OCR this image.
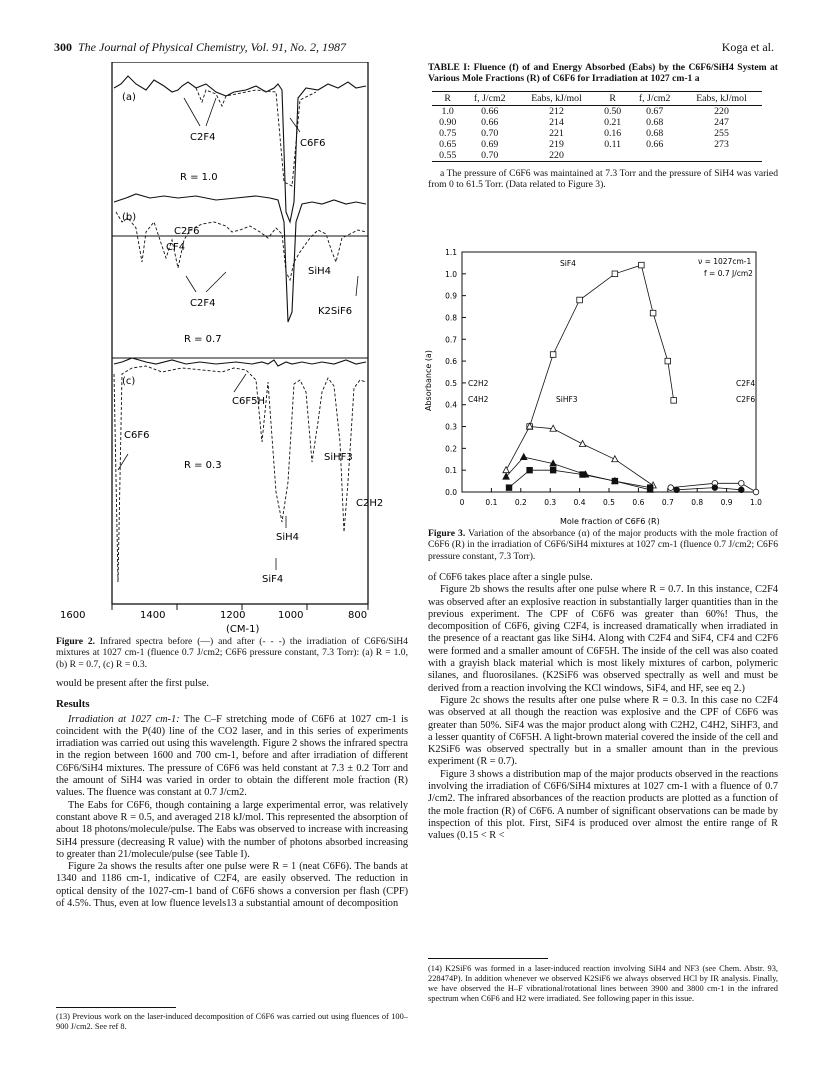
300 The Journal of Physical Chemistry, Vol. 91, No. 2, 1987	Koga et al.
(a)
C2F4
C6F6
R = 1.0
(b)
C2F6
CF4
SiH4
C2F4
K2SiF6
R = 0.7
(c)
C6F5H
C6F6
SiHF3
R = 0.3
C2H2
SiH4
SiF4
1600	1400	1200	1000	800
(CM-1)
Figure 2. Infrared spectra before (—) and after (- - -) the irradiation of C6F6/SiH4 mixtures at 1027 cm-1 (fluence 0.7 J/cm2; C6F6 pressure constant, 7.3 Torr): (a) R = 1.0, (b) R = 0.7, (c) R = 0.3.

would be present after the first pulse.

Results

Irradiation at 1027 cm-1: The C–F stretching mode of C6F6 at 1027 cm-1 is coincident with the P(40) line of the CO2 laser, and in this series of experiments irradiation was carried out using this wavelength. Figure 2 shows the infrared spectra in the region between 1600 and 700 cm-1, before and after irradiation of different C6F6/SiH4 mixtures. The pressure of C6F6 was held constant at 7.3 ± 0.2 Torr and the amount of SiH4 was varied in order to obtain the different mole fraction (R) values. The fluence was constant at 0.7 J/cm2.

The Eabs for C6F6, though containing a large experimental error, was relatively constant above R = 0.5, and averaged 218 kJ/mol. This represented the absorption of about 18 photons/molecule/pulse. The Eabs was observed to increase with increasing SiH4 pressure (decreasing R value) with the number of photons absorbed increasing to greater than 21/molecule/pulse (see Table I).

Figure 2a shows the results after one pulse were R = 1 (neat C6F6). The bands at 1340 and 1186 cm-1, indicative of C2F4, are easily observed. The reduction in optical density of the 1027-cm-1 band of C6F6 shows a conversion per flash (CPF) of 4.5%. Thus, even at low fluence levels13 a substantial amount of decomposition

(13) Previous work on the laser-induced decomposition of C6F6 was carried out using fluences of 100–900 J/cm2. See ref 8.
TABLE I: Fluence (f) of and Energy Absorbed (Eabs) by the C6F6/SiH4 System at Various Mole Fractions (R) of C6F6 for Irradiation at 1027 cm-1 a
R	f, J/cm2	Eabs, kJ/mol	R	f, J/cm2	Eabs, kJ/mol
1.0	0.66	212	0.50	0.67	220
0.90	0.66	214	0.21	0.68	247
0.75	0.70	221	0.16	0.68	255
0.65	0.69	219	0.11	0.66	273
0.55	0.70	220			
a The pressure of C6F6 was maintained at 7.3 Torr and the pressure of SiH4 was varied from 0 to 61.5 Torr. (Data related to Figure 3).
Absorbance (a)
Mole fraction of C6F6 (R)
ν = 1027cm-1
f = 0.7 J/cm2
SiF4
C2H2
C4H2	SiHF3
C2F4
C2F6
0	0.1 0.2 0.3 0.4 0.5 0.6 0.7 0.8 0.9 1.0
0.0
0.1
0.2
0.3
0.4
0.5
0.6
0.7
0.8
0.9
1.0
1.1
Figure 3. Variation of the absorbance (α) of the major products with the mole fraction of C6F6 (R) in the irradiation of C6F6/SiH4 mixtures at 1027 cm-1 (fluence 0.7 J/cm2; C6F6 pressure constant, 7.3 Torr).

of C6F6 takes place after a single pulse.

Figure 2b shows the results after one pulse where R = 0.7. In this instance, C2F4 was observed after an explosive reaction in substantially larger quantities than in the previous experiment. The CPF of C6F6 was greater than 60%! Thus, the decomposition of C6F6, giving C2F4, is increased dramatically when irradiated in the presence of a reactant gas like SiH4. Along with C2F4 and SiF4, CF4 and C2F6 were formed and a smaller amount of C6F5H. The inside of the cell was also coated with a grayish black material which is most likely mixtures of carbon, polymeric silanes, and fluorosilanes. (K2SiF6 was observed spectrally as well and must be derived from a reaction involving the KCl windows, SiF4, and HF, see eq 2.)

Figure 2c shows the results after one pulse where R = 0.3. In this case no C2F4 was observed at all though the reaction was explosive and the CPF of C6F6 was greater than 50%. SiF4 was the major product along with C2H2, C4H2, SiHF3, and a lesser quantity of C6F5H. A light-brown material covered the inside of the cell and K2SiF6 was observed spectrally but in a smaller amount than in the previous experiment (R = 0.7).

Figure 3 shows a distribution map of the major products observed in the reactions involving the irradiation of C6F6/SiH4 mixtures at 1027 cm-1 with a fluence of 0.7 J/cm2. The infrared absorbances of the reaction products are plotted as a function of the mole fraction (R) of C6F6. A number of significant observations can be made by inspection of this plot. First, SiF4 is produced over almost the entire range of R values (0.15 < R <

(14) K2SiF6 was formed in a laser-induced reaction involving SiH4 and NF3 (see Chem. Abstr. 93, 228474P). In addition whenever we observed K2SiF6 we always observed HCl by IR analysis. Finally, we have observed the H–F vibrational/rotational lines between 3900 and 3800 cm-1 in the infrared spectrum when C6F6 and H2 were irradiated. See following paper in this issue.
